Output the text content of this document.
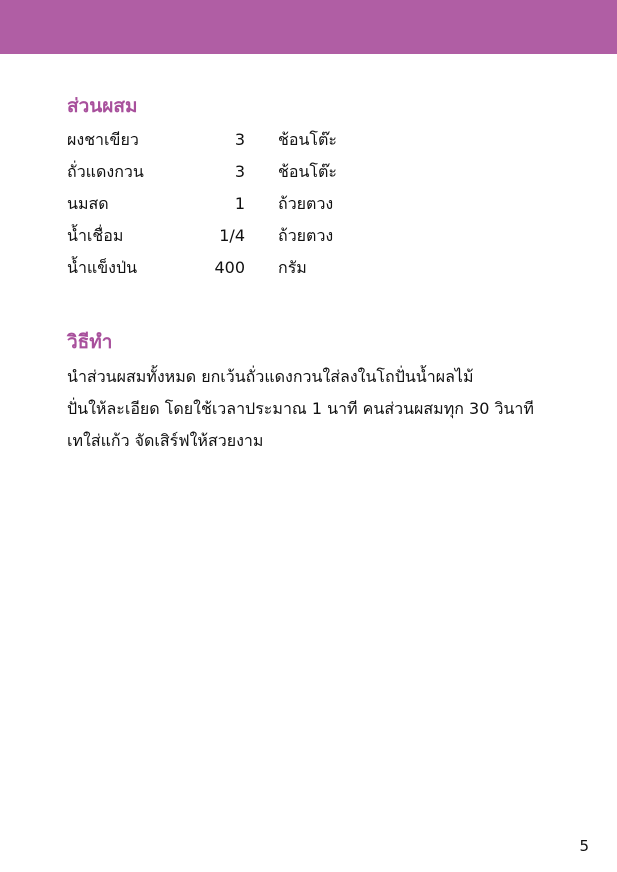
ส่วนผสม
ผงชาเขียว	3 ช้อนโต๊ะ
ถั่วแดงกวน	3 ช้อนโต๊ะ
นมสด	1 ถ้วยตวง
น้ำเชื่อม	1/4 ถ้วยตวง
น้ำแข็งป่น	400 กรัม
วิธีทำ
นำส่วนผสมทั้งหมด ยกเว้นถั่วแดงกวนใส่ลงในโถปั่นน้ำผลไม้
ปั่นให้ละเอียด โดยใช้เวลาประมาณ 1 นาที คนส่วนผสมทุก 30 วินาที
เทใส่แก้ว จัดเสิร์ฟให้สวยงาม
5
